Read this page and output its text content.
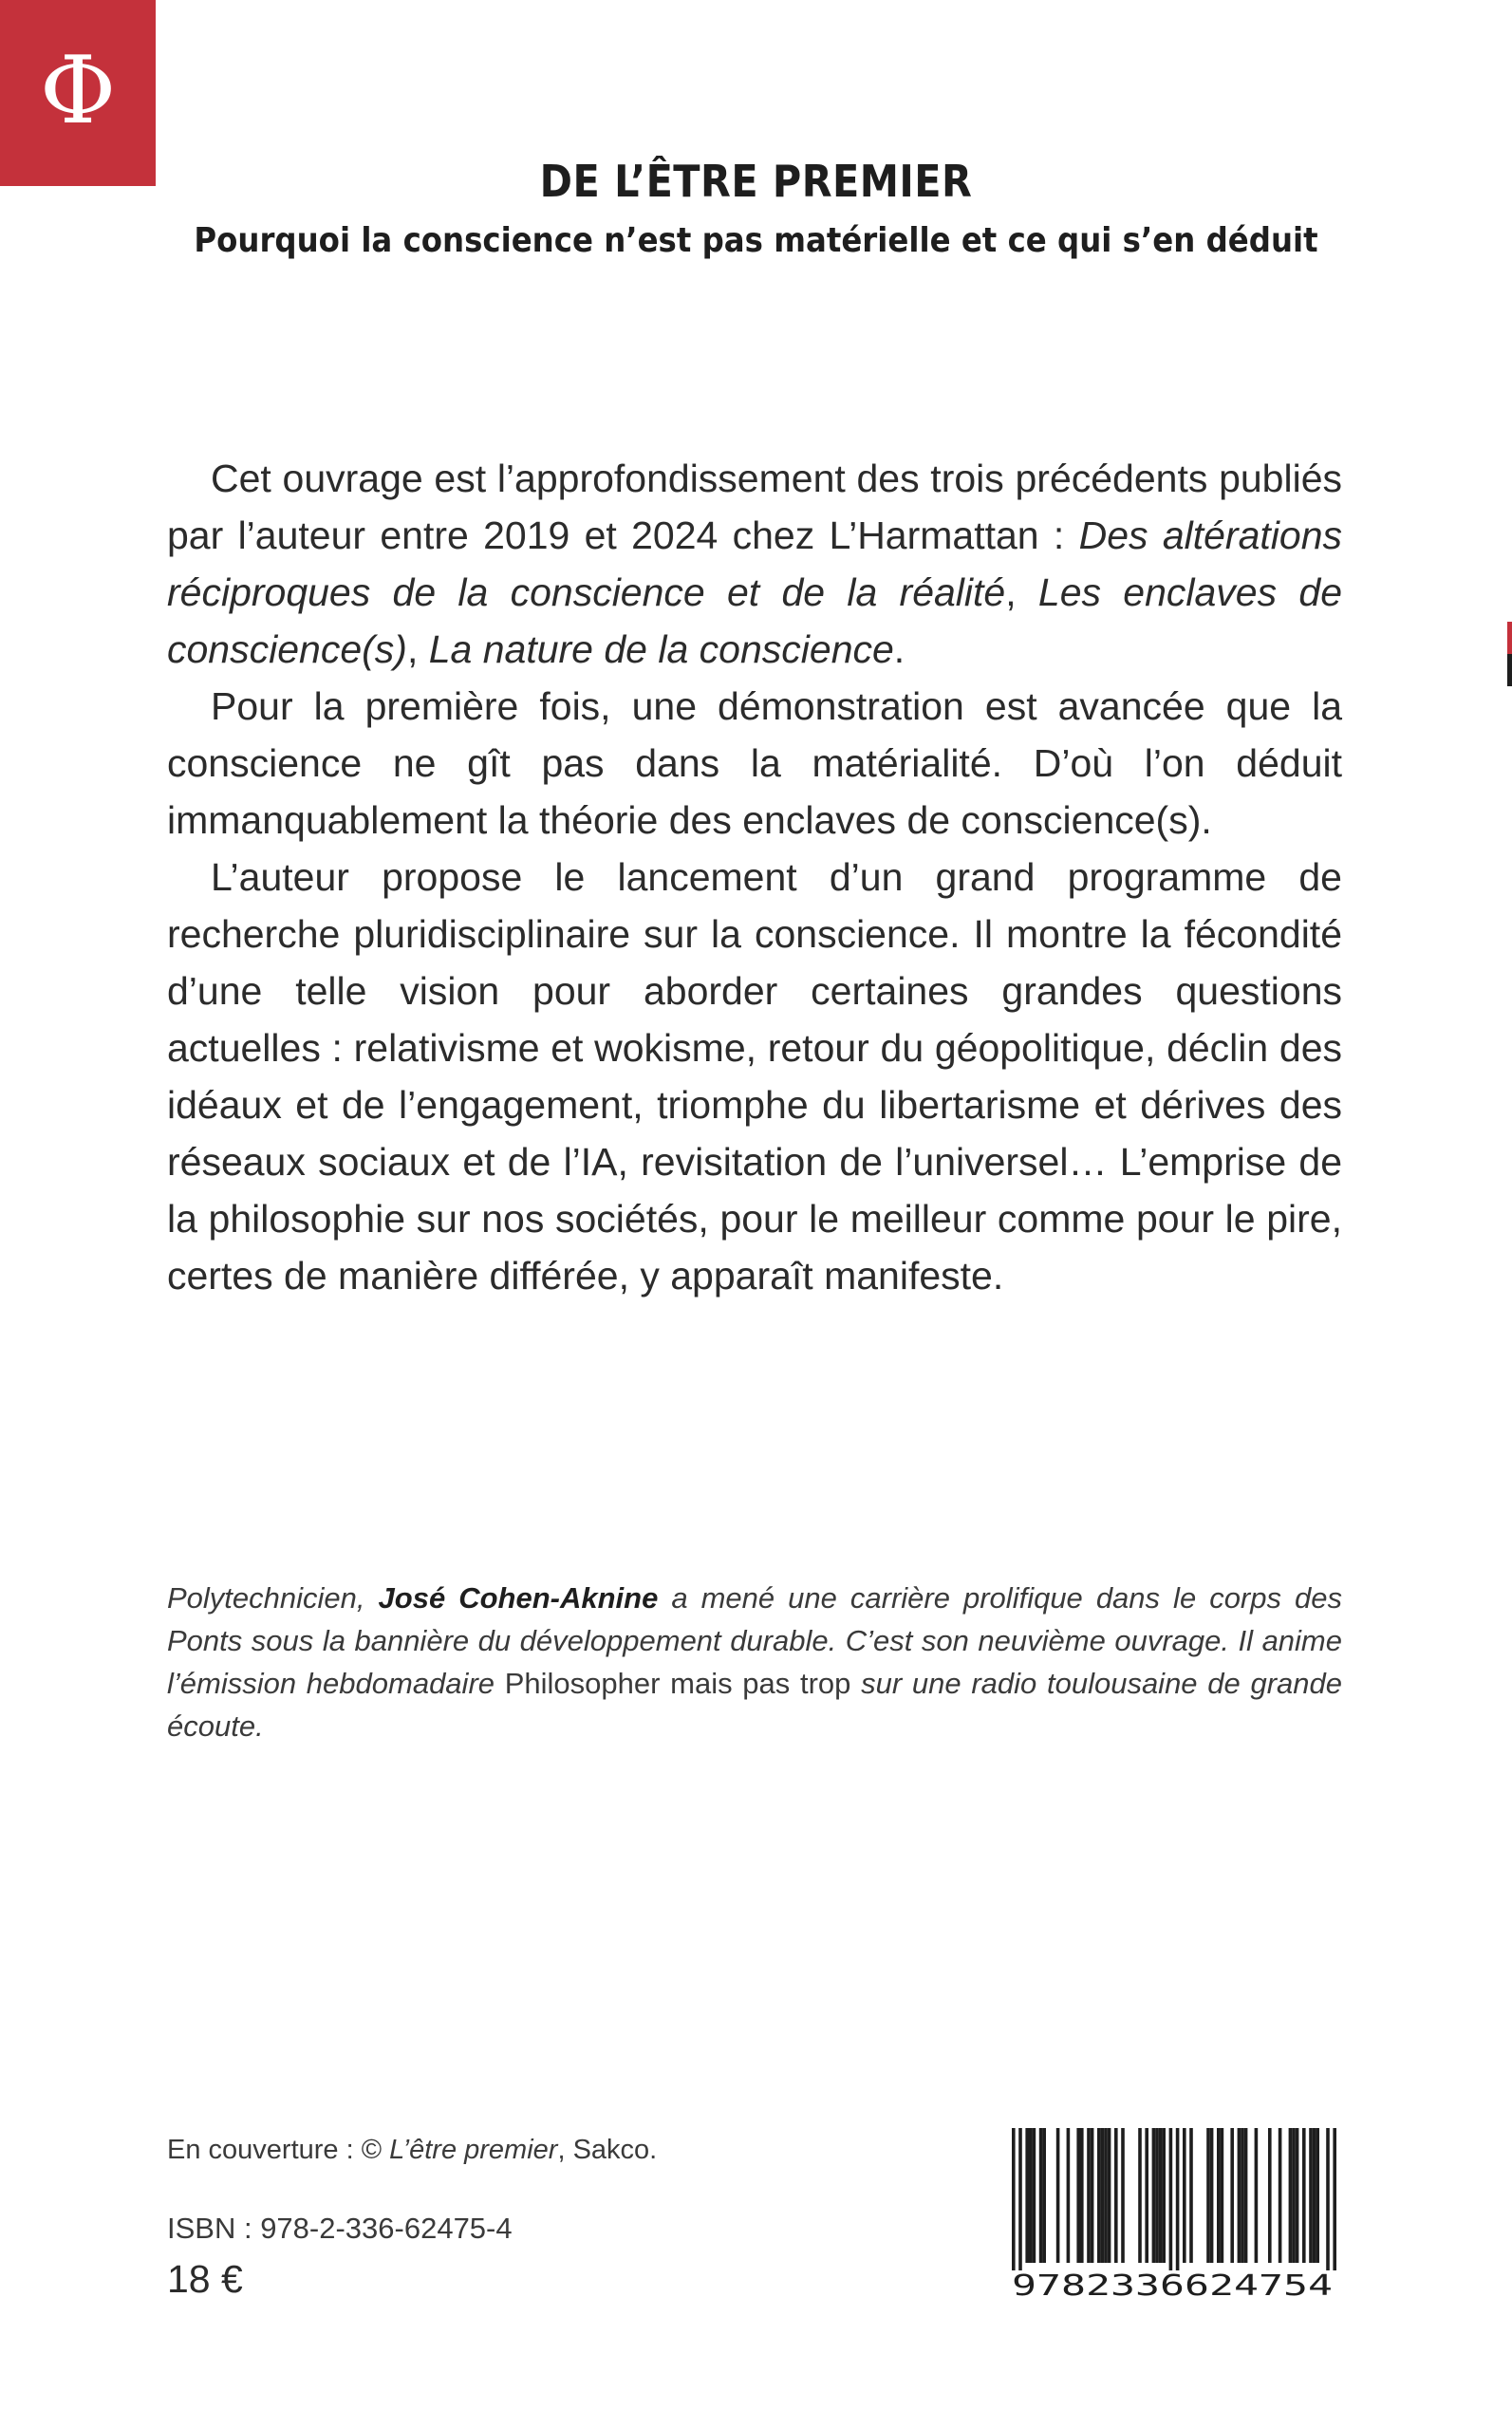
Φ
DE L’ÊTRE PREMIER
Pourquoi la conscience n’est pas matérielle et ce qui s’en déduit

Cet ouvrage est l’approfondissement des trois précédents publiés par l’auteur entre 2019 et 2024 chez L’Harmattan : Des altérations réciproques de la conscience et de la réalité, Les enclaves de conscience(s), La nature de la conscience.

Pour la première fois, une démonstration est avancée que la conscience ne gît pas dans la matérialité. D’où l’on déduit immanquablement la théorie des enclaves de conscience(s).

L’auteur propose le lancement d’un grand programme de recherche pluridisciplinaire sur la conscience. Il montre la fécondité d’une telle vision pour aborder certaines grandes questions actuelles : relativisme et wokisme, retour du géopolitique, déclin des idéaux et de l’engagement, triomphe du libertarisme et dérives des réseaux sociaux et de l’IA, revisitation de l’universel… L’emprise de la philosophie sur nos sociétés, pour le meilleur comme pour le pire, certes de manière différée, y apparaît manifeste.

Polytechnicien, José Cohen-Aknine a mené une carrière prolifique dans le corps des Ponts sous la bannière du développement durable. C’est son neuvième ouvrage. Il anime l’émission hebdomadaire Philosopher mais pas trop sur une radio toulousaine de grande écoute.

En couverture : © L’être premier, Sakco.

ISBN : 978-2-336-62475-4

18 €	9782336624754
